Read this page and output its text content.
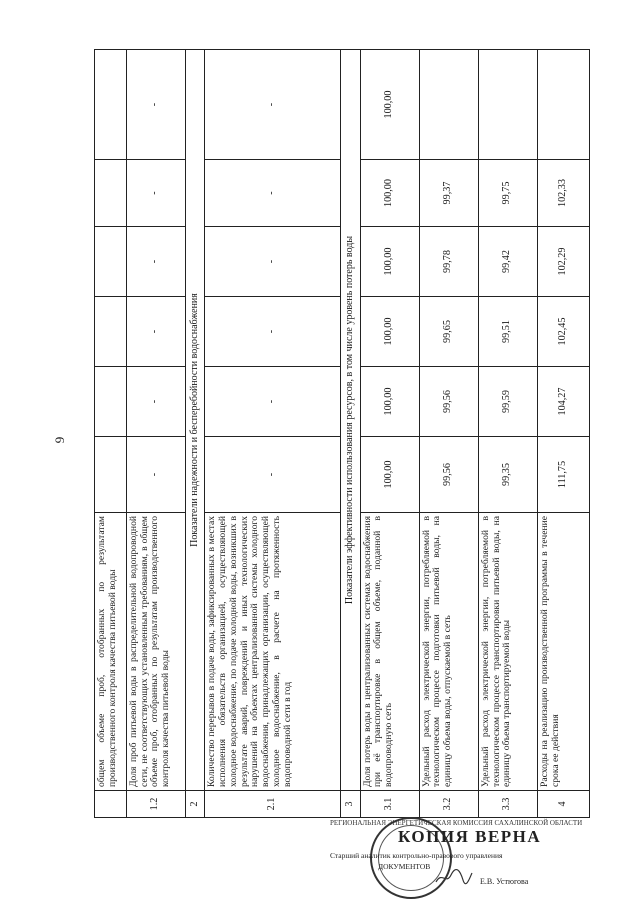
9
	общем объеме проб, отобранных по результатам производственного контроля качества питьевой воды						
1.2	Доля проб питьевой воды в распределительной водопроводной сети, не соответствующих установленным требованиям, в общем объеме проб, отобранных по результатам производственного контроля качества питьевой воды	-	-	-	-	-	-
2	Показатели надежности и бесперебойности водоснабжения						
2.1	Количество перерывов в подаче воды, зафиксированных в местах исполнения обязательств организацией, осуществляющей холодное водоснабжение, по подаче холодной воды, возникших в результате аварий, повреждений и иных технологических нарушений на объектах централизованной системы холодного водоснабжения, принадлежащих организации, осуществляющей холодное водоснабжение, в расчете на протяженность водопроводной сети в год	-	-	-	-	-	-
3	Показатели эффективности использования ресурсов, в том числе уровень потерь воды						
3.1	Доля потерь воды в централизованных системах водоснабжения при её транспортировке в общем объеме, поданной в водопроводную сеть	100,00	100,00	100,00	100,00	100,00	100,00
3.2	Удельный расход электрической энергии, потребляемой в технологическом процессе подготовки питьевой воды, на единицу объема воды, отпускаемой в сеть	99,56	99,56	99,65	99,78	99,37	
3.3	Удельный расход электрической энергии, потребляемой в технологическом процессе транспортировки питьевой воды, на единицу объема транспортируемой воды	99,35	99,59	99,51	99,42	99,75	
4	Расходы на реализацию производственной программы в течение срока ее действия	111,75	104,27	102,45	102,29	102,33	
РЕГИОНАЛЬНАЯ ЭНЕРГЕТИЧЕСКАЯ КОМИССИЯ САХАЛИНСКОЙ ОБЛАСТИ
КОПИЯ ВЕРНА
Старший аналитик контрольно-правового управления
ДОКУМЕНТОВ
Е.В. Устюгова
